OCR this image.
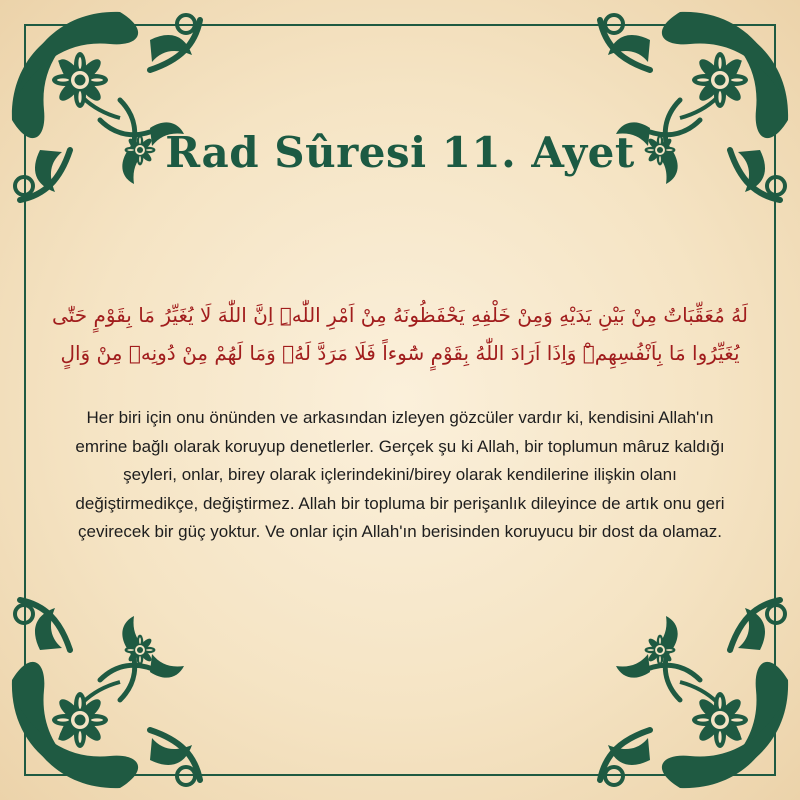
Rad Sûresi 11. Ayet
لَهُ مُعَقِّبَاتٌ مِنْ بَيْنِ يَدَيْهِ وَمِنْ خَلْفِهِ يَحْفَظُونَهُ مِنْ اَمْرِ اللّٰهِۜ اِنَّ اللّٰهَ لَا يُغَيِّرُ مَا بِقَوْمٍ حَتّٰى يُغَيِّرُوا مَا بِاَنْفُسِهِمْۜ وَاِذَا اَرَادَ اللّٰهُ بِقَوْمٍ سُٓوءاً فَلَا مَرَدَّ لَهُۚ وَمَا لَهُمْ مِنْ دُونِه۪ مِنْ وَالٍ
Her biri için onu önünden ve arkasından izleyen gözcüler vardır ki, kendisini Allah'ın emrine bağlı olarak koruyup denetlerler. Gerçek şu ki Allah, bir toplumun mâruz kaldığı şeyleri, onlar, birey olarak içlerindekini/birey olarak kendilerine ilişkin olanı değiştirmedikçe, değiştirmez. Allah bir topluma bir perişanlık dileyince de artık onu geri çevirecek bir güç yoktur. Ve onlar için Allah'ın berisinden koruyucu bir dost da olamaz.
